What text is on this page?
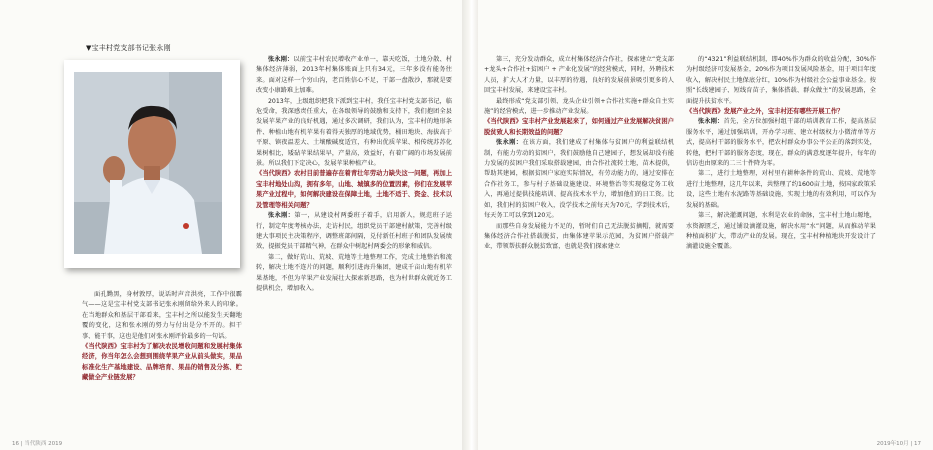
▼宝丰村党支部书记张永刚

面孔黝黑，身材敦厚，说话时声音洪亮，工作中很霸气——这是宝丰村党支部书记张永刚留给外来人的印象。在当地群众和基层干部看来，宝丰村之所以能发生天翻地覆的变化，这和张永刚的努力与付出是分不开的。担干事、能干事，这也是他们对张永刚评价最多的一句话。

《当代陕西》宝丰村为了解决农民增收问题和发展村集体经济，你当年怎么会想到围绕苹果产业从前头做实，果品标准化生产基地建设、品牌培育、果品的销售及分拣、贮藏做全产业链发展？

张永刚：以前宝丰村农民增收产业单一，靠天吃饭，土地分散、村集体经济薄弱，2013年村集体账面上只有34元，三年多没有能务往来。面对这样一个穷山沟，老百姓信心不足，干部一盘散沙，那就是要改变小康路难上加难。

2013年，上级组织把我下派到宝丰村，我任宝丰村党支部书记，临危受命，我深感责任重大，在各级领导的鼓励和支持下，我们抱团全县发展苹果产业的良好机遇，通过多次调研，我们认为，宝丰村的地形条件、种植山地有机苹果有着得天独厚的地域优势，桶田地块、海拔高于平原、镇夜温差大、土壤酸碱度适宜，有种出优质苹果、相传统苏苏化果树相比，矮砧苹果结果早，产量高，效益好，有着广阔的市场发展前景。所以我们下定决心，发展苹果种植产业。

《当代陕西》农村目前普遍存在着青壮年劳动力缺失这一问题，再加上宝丰村地处山沟，拥有多年，山地、城镇多的位置因素，你们在发展苹果产业过程中，如何解决建设在保障土地，土地不适于、资金、技术以及管理等相关问题？

张永刚：第一，从建设村两委班子着手，启用新人，规范班子运行，制定年度考核办法，走访村民，组织党员干部建村献策，完善村级建大事项民主决策程序，调整班部间隔，兑付新任村班子和团队发展绩效，提振党员干部精气神，在群众中树起村两委会的形象和威信。

第二，做好荒山、荒坡、荒地等土地整理工作，完成土地整治和流转，解决土地不连片的问题，顺利引进海升集团，建成千亩山地有机苹果基地，不但为苹果产业发展壮大探索新思路，也为村世群众就近务工提供机会，增加收入。

第三，充分发动群众，成立村集体经济合作社，探索建立“党支部+龙头+合作社+贫困户 + 产业化发展”的经营模式，同时，外聘技术人员，扩大人才力量，以丰厚的待遇，良好的发展前景吸引更多的人回宝丰村发展，来建设宝丰村。

最终形成“党支部引领、龙头企业引领+合作社实施+群众自主实施”的经营模式，进一步推动产业发展。

《当代陕西》宝丰村产业发展起来了，如何通过产业发展解决贫困户脱贫致人和长期效益的问题？

张永刚：在该方面，我们建成了村集体与贫困户的利益联结机制，有能力劳动的贫困户，我们鼓励他自己建园子，想发展却没有能力发展的贫困户我们采取搭载建园，由合作社流转土地，苗木提供，帮助其建园，根据贫困户家庭实际情况，有劳动能力的，通过安排在合作社务工，参与村子基础设施建设、环境整治等实现稳定务工收入，再通过提供技能培训、提高技术水平力，增加他们的日工资。比如，我们村的贫困户收入，没学技术之前每天为70元，学到技术后，每天务工可以拿到120元。

而那些自身发展能力不足的，暂时们自己无法脱贫摘帽，就需要集体经济合作社搭载脱贫，由集体建苹果示范园，为贫困户搭载产业，带领帮扶群众脱贫致富，也就是我们探索建立

的“4321”利益联结机制，即40%作为群众的收益分配，30%作为村级经济可发展基金，20%作为项目发展风险基金，用于项目年度收入，解决村民土地保底分红，10%作为村级社会公益事业基金。按照“长线建园子、短线育苗子，集体搭载、群众做主”的发展思路，全面提升扶贫水平。

《当代陕西》发展产业之外，宝丰村还有哪些开展工作？

张永刚：首先，全方位加强村组干部的培训教育工作，提高基层服务水平，通过加强培训，开办学习班、建立村级权力小微清单等方式，提高村干部的服务水平，把农村群众办事公平公正的落到实处，转他，把村干部的服务态度，现在，群众的满意度逐年提升，每年的信访也由原来的二三十件降为零。

第二，进行土地整理，对村里有耕种条件的荒山、荒坡、荒地等进行土地整理，这几年以来，共整理了约1600亩土地，按国家政策采设，这些土地有水泥路等基础设施，实现土地的有效利用，可以作为发展的基础。

第三，解决灌溉问题，水利是农业的命脉，宝丰村土地山塬地，水资源匮乏，通过铺设滴灌设施，解决水用“水”问题，从而推动苹果种植面积扩大，带动产业的发展。现在，宝丰村种植地块开发设计了滴灌设施全覆盖。

16 | 当代陕西 2019	2019年10月 | 17
